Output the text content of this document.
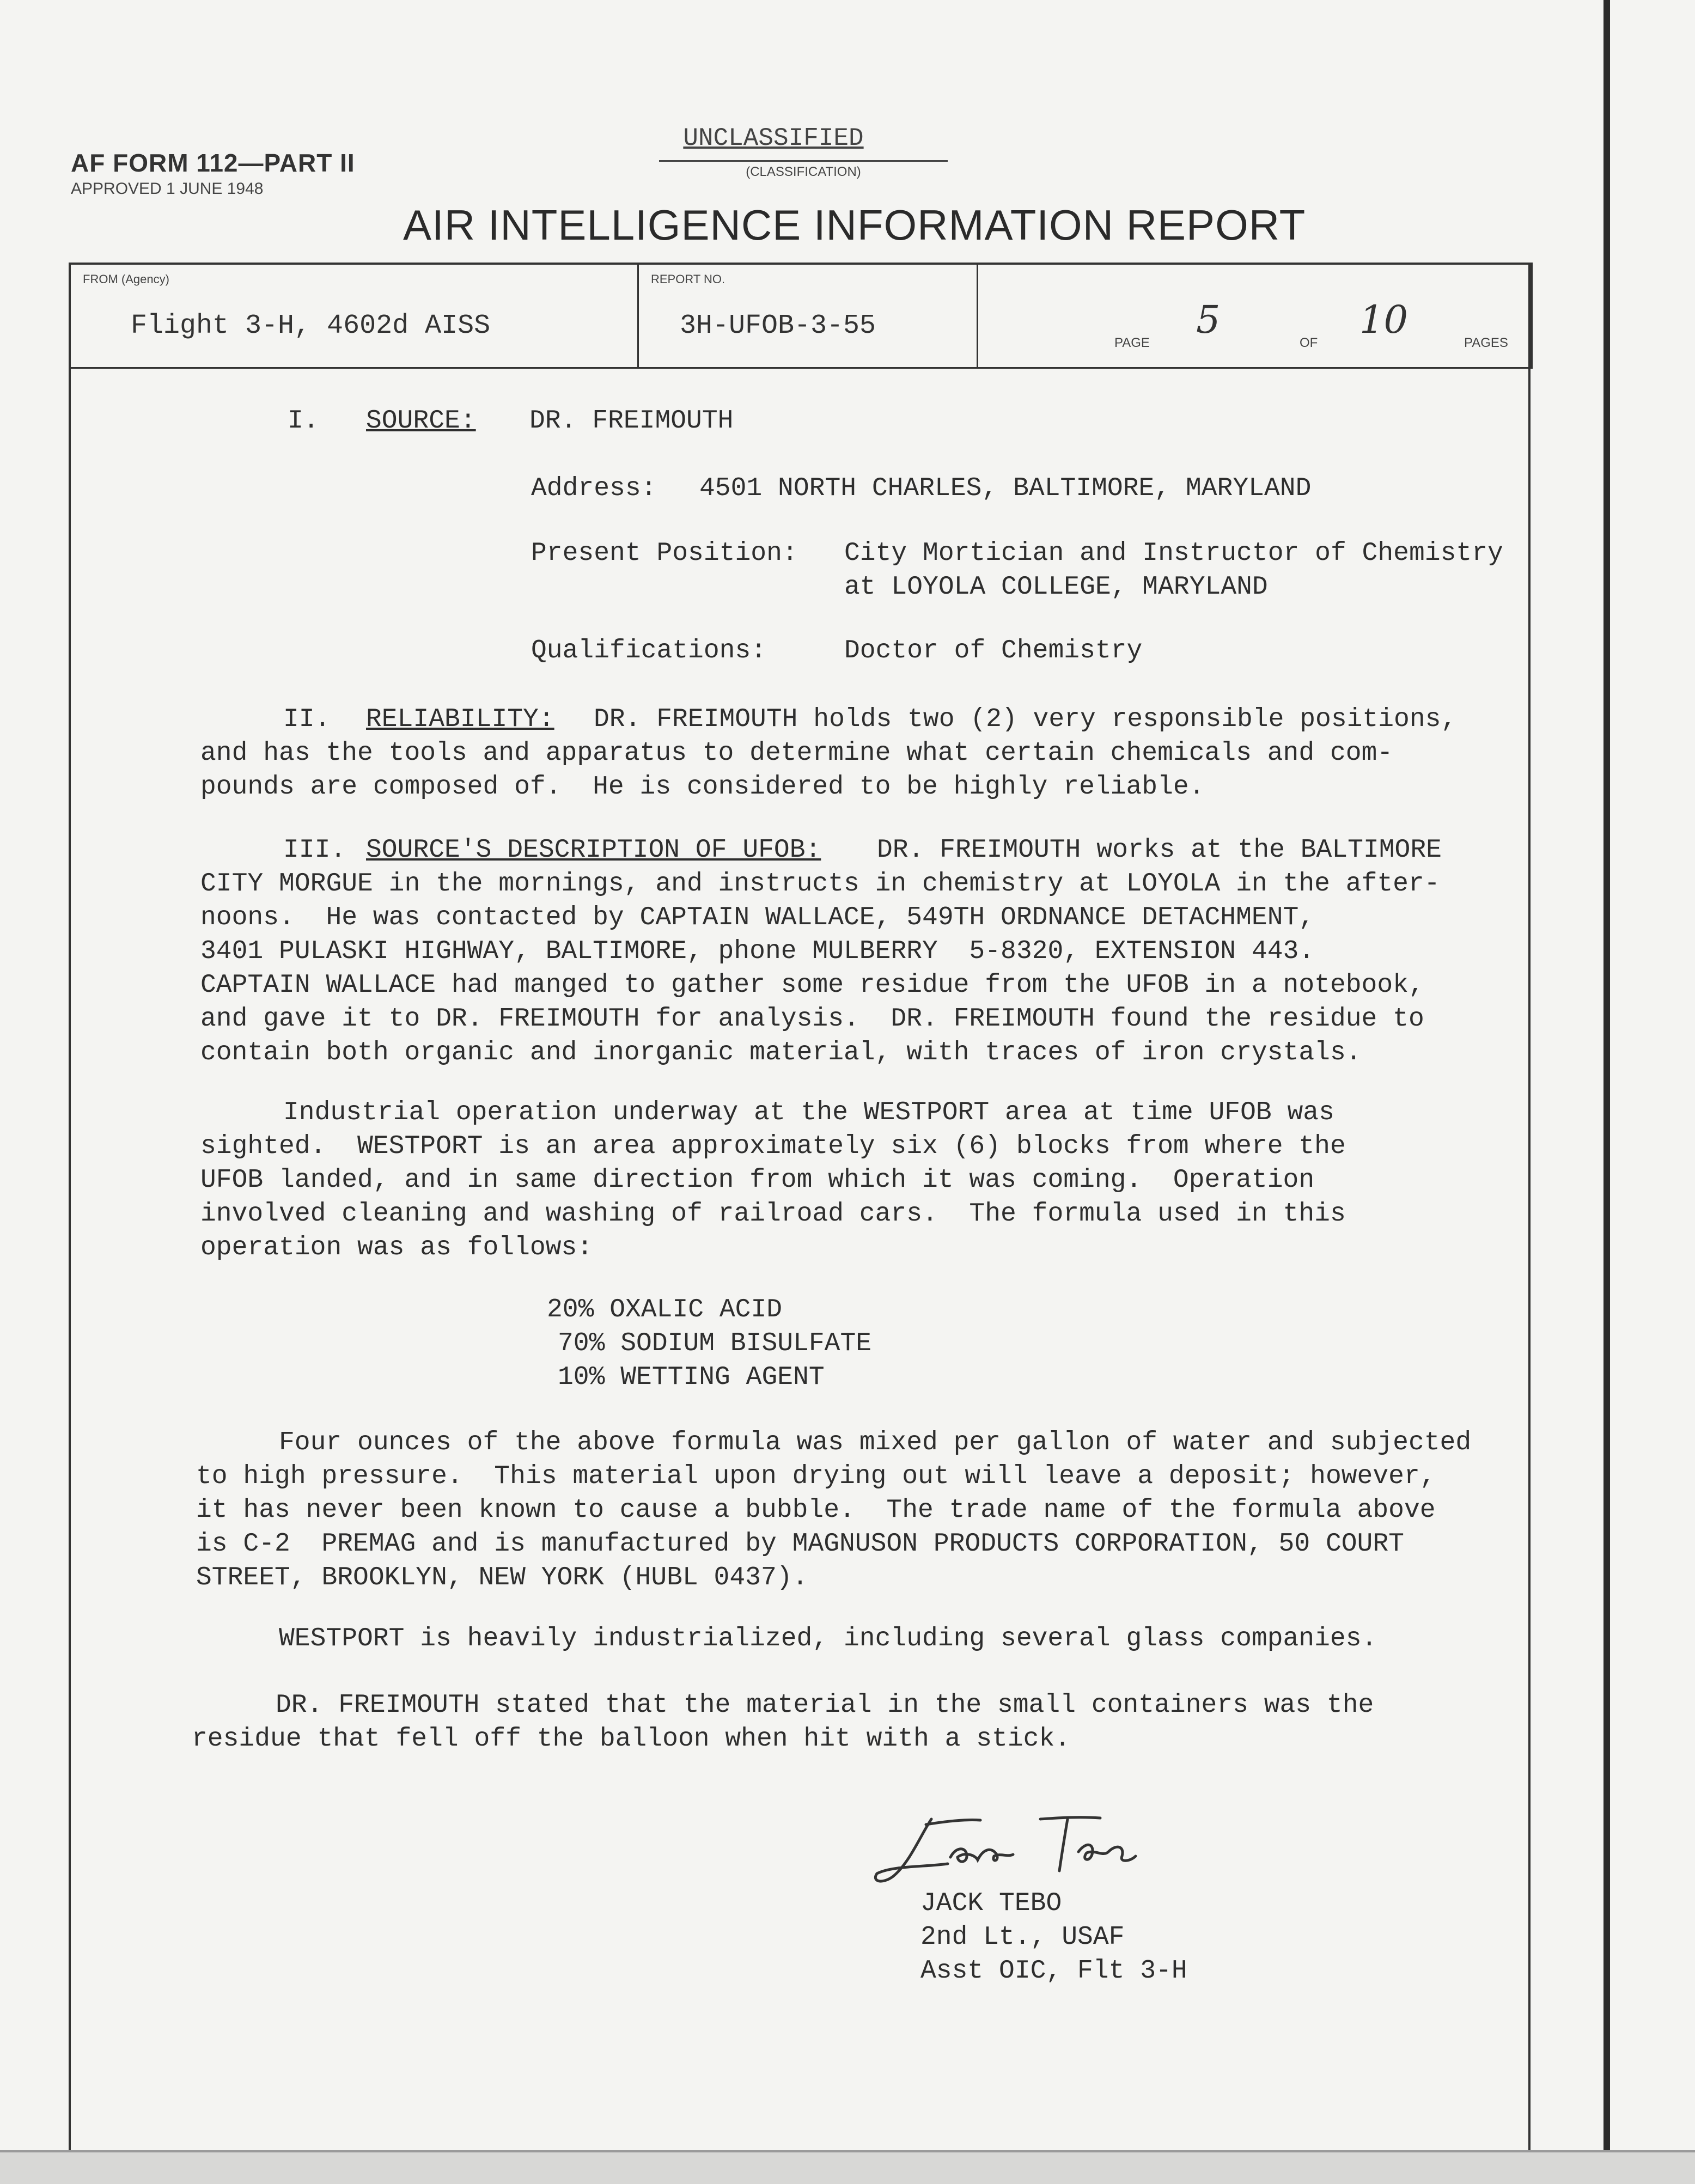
AF FORM 112—PART II
APPROVED 1 JUNE 1948
UNCLASSIFIED
(CLASSIFICATION)
AIR INTELLIGENCE INFORMATION REPORT
FROM (Agency)
Flight 3-H, 4602d AISS
REPORT NO.
3H-UFOB-3-55
PAGE
5
OF
10
PAGES
I. SOURCE: DR. FREIMOUTH
Address: 4501 NORTH CHARLES, BALTIMORE, MARYLAND
Present Position: City Mortician and Instructor of Chemistry
at LOYOLA COLLEGE, MARYLAND
Qualifications:	Doctor of Chemistry
II. RELIABILITY: DR. FREIMOUTH holds two (2) very responsible positions,
and has the tools and apparatus to determine what certain chemicals and com-
pounds are composed of.  He is considered to be highly reliable.
III. SOURCE'S DESCRIPTION OF UFOB: DR. FREIMOUTH works at the BALTIMORE
CITY MORGUE in the mornings, and instructs in chemistry at LOYOLA in the after-
noons.  He was contacted by CAPTAIN WALLACE, 549TH ORDNANCE DETACHMENT,
3401 PULASKI HIGHWAY, BALTIMORE, phone MULBERRY  5-8320, EXTENSION 443.
CAPTAIN WALLACE had manged to gather some residue from the UFOB in a notebook,
and gave it to DR. FREIMOUTH for analysis.  DR. FREIMOUTH found the residue to
contain both organic and inorganic material, with traces of iron crystals.
Industrial operation underway at the WESTPORT area at time UFOB was
sighted.  WESTPORT is an area approximately six (6) blocks from where the
UFOB landed, and in same direction from which it was coming.  Operation
involved cleaning and washing of railroad cars.  The formula used in this
operation was as follows:
20% OXALIC ACID
70% SODIUM BISULFATE
10% WETTING AGENT
Four ounces of the above formula was mixed per gallon of water and subjected
to high pressure.  This material upon drying out will leave a deposit; however,
it has never been known to cause a bubble.  The trade name of the formula above
is C-2  PREMAG and is manufactured by MAGNUSON PRODUCTS CORPORATION, 50 COURT
STREET, BROOKLYN, NEW YORK (HUBL 0437).
WESTPORT is heavily industrialized, including several glass companies.
DR. FREIMOUTH stated that the material in the small containers was the
residue that fell off the balloon when hit with a stick.
JACK TEBO
2nd Lt., USAF
Asst OIC, Flt 3-H
